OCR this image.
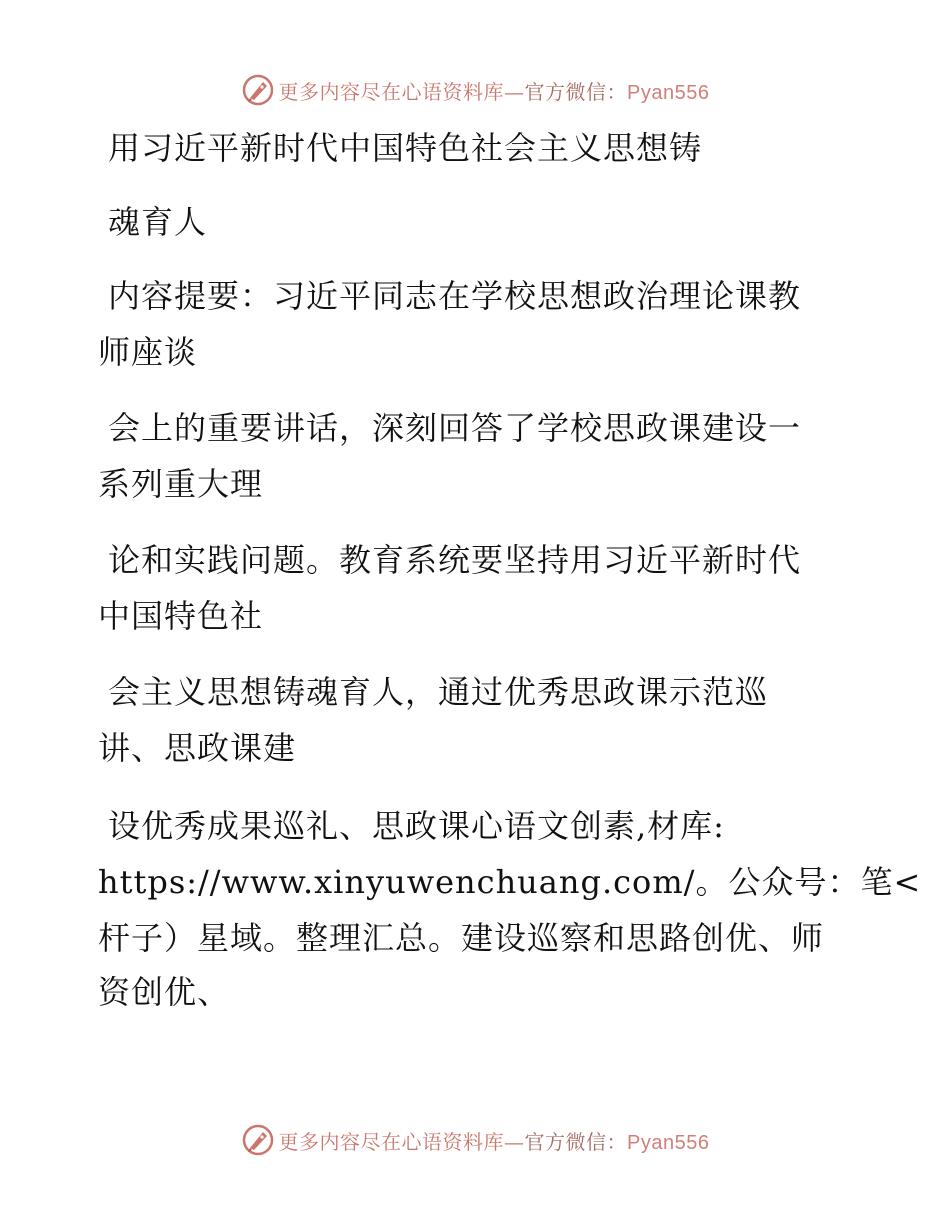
更多内容尽在心语资料库—官方微信：Pyan556
用习近平新时代中国特色社会主义思想铸
魂育人
内容提要：习近平同志在学校思想政治理论课教
师座谈
会上的重要讲话，深刻回答了学校思政课建设一
系列重大理
论和实践问题。教育系统要坚持用习近平新时代
中国特色社
会主义思想铸魂育人，通过优秀思政课示范巡
讲、思政课建
设优秀成果巡礼、思政课心语文创素,材库:
https://www.xinyuwenchuang.com/。公众号：笔<
杆子）星域。整理汇总。建设巡察和思路创优、师
资创优、
更多内容尽在心语资料库—官方微信：Pyan556
